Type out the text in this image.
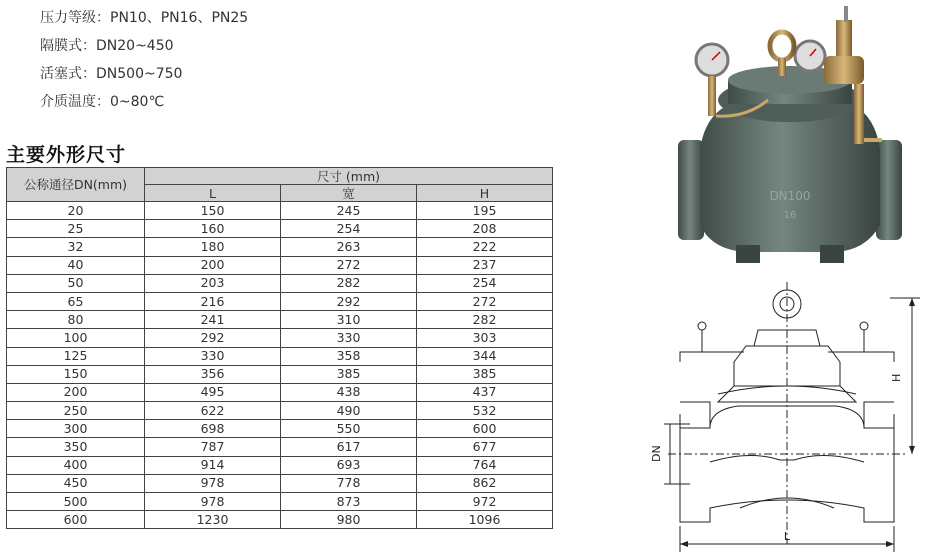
压力等级：PN10、PN16、PN25
隔膜式：DN20~450
活塞式：DN500~750
介质温度：0~80℃
主要外形尺寸
公称通径DN(mm)	尺寸 (mm)		
	L	宽	H
20	150	245	195
25	160	254	208
32	180	263	222
40	200	272	237
50	203	282	254
65	216	292	272
80	241	310	282
100	292	330	303
125	330	358	344
150	356	385	385
200	495	438	437
250	622	490	532
300	698	550	600
350	787	617	677
400	914	693	764
450	978	778	862
500	978	873	972
600	1230	980	1096
DN100
16
H
DN
L
